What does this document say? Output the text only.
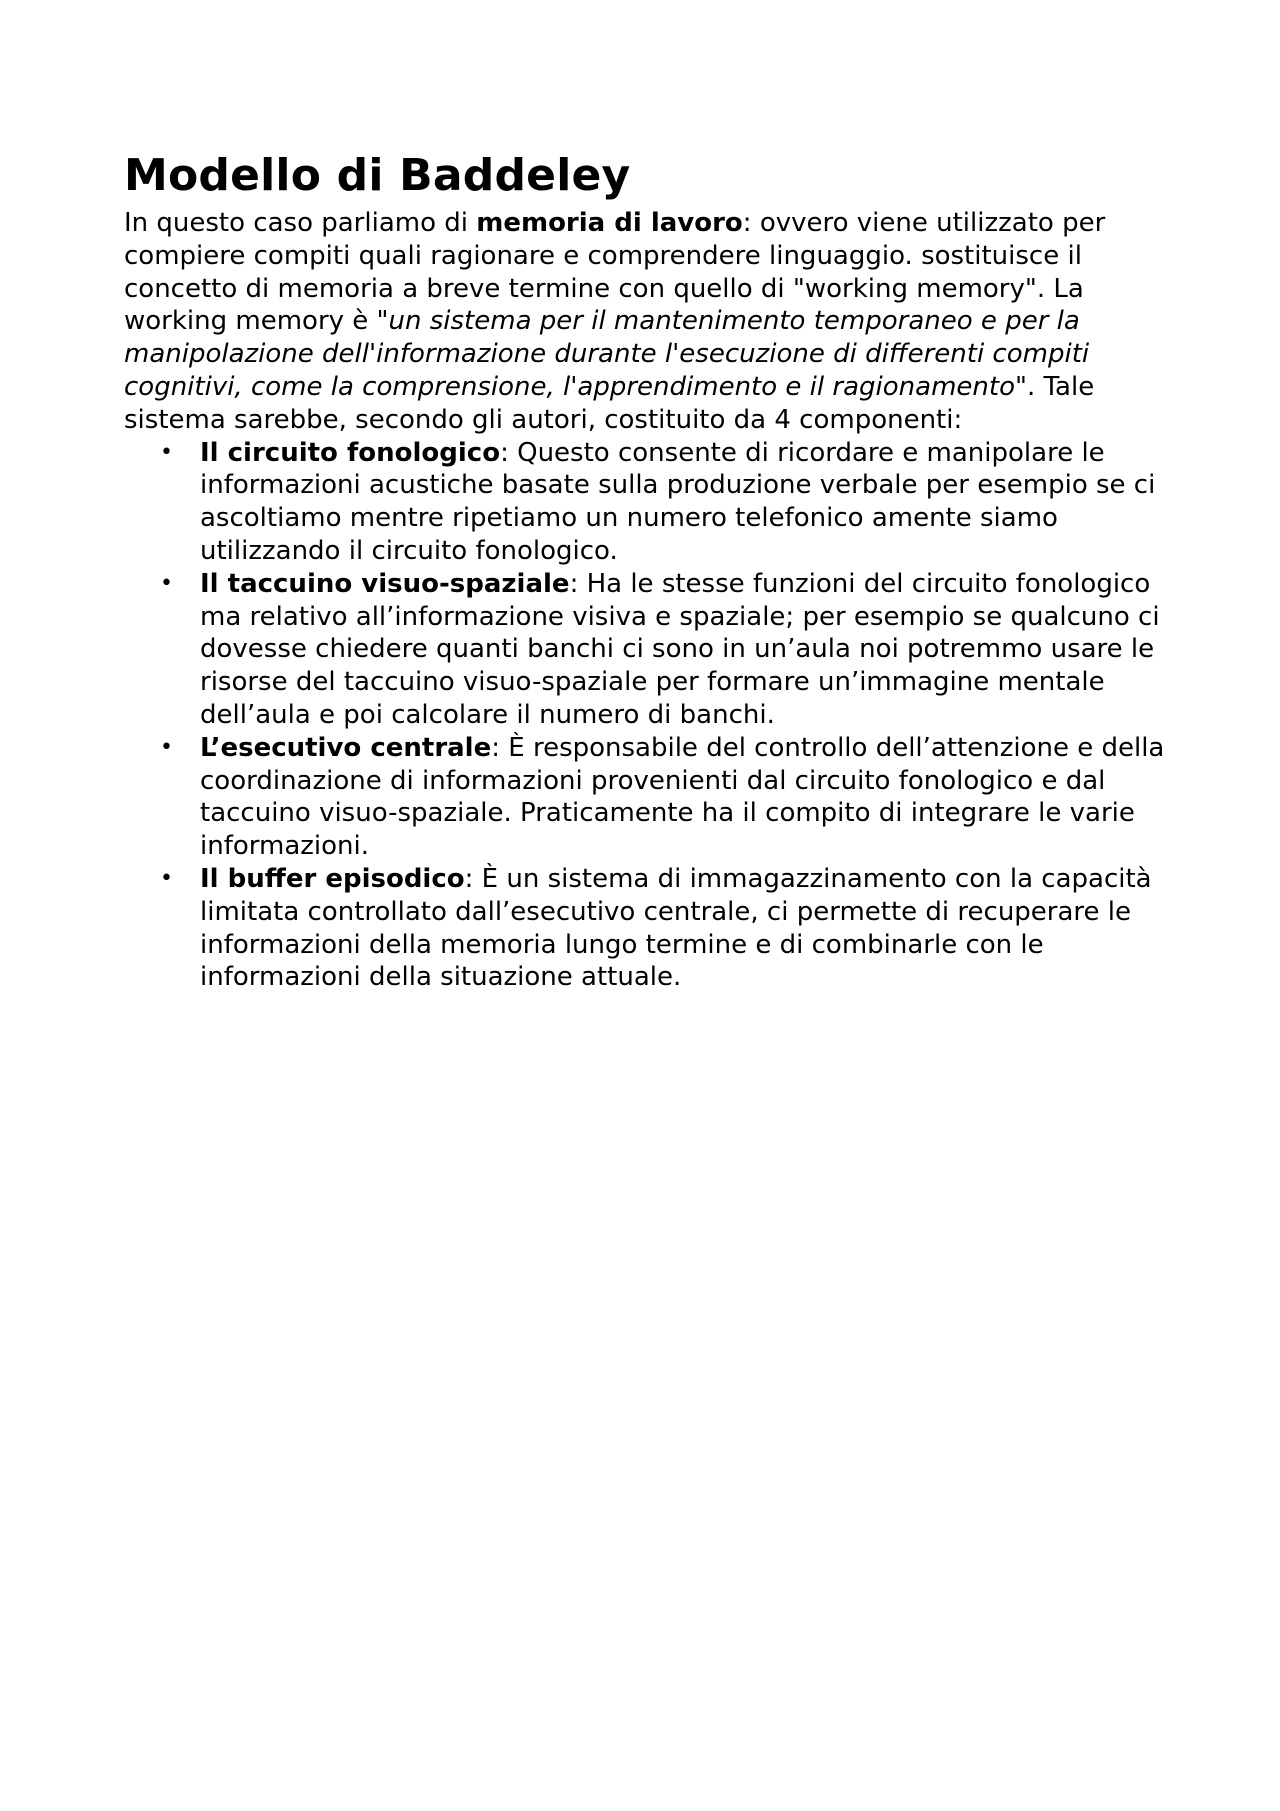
Modello di Baddeley

In questo caso parliamo di memoria di lavoro: ovvero viene utilizzato per compiere compiti quali ragionare e comprendere linguaggio. sostituisce il concetto di memoria a breve termine con quello di "working memory". La working memory è "un sistema per il mantenimento temporaneo e per la manipolazione dell'informazione durante l'esecuzione di differenti compiti cognitivi, come la comprensione, l'apprendimento e il ragionamento". Tale sistema sarebbe, secondo gli autori, costituito da 4 componenti:

• Il circuito fonologico: Questo consente di ricordare e manipolare le informazioni acustiche basate sulla produzione verbale per esempio se ci ascoltiamo mentre ripetiamo un numero telefonico amente siamo utilizzando il circuito fonologico.
• Il taccuino visuo-spaziale: Ha le stesse funzioni del circuito fonologico ma relativo all’informazione visiva e spaziale; per esempio se qualcuno ci dovesse chiedere quanti banchi ci sono in un’aula noi potremmo usare le risorse del taccuino visuo-spaziale per formare un’immagine mentale dell’aula e poi calcolare il numero di banchi.
• L’esecutivo centrale: È responsabile del controllo dell’attenzione e della coordinazione di informazioni provenienti dal circuito fonologico e dal taccuino visuo-spaziale. Praticamente ha il compito di integrare le varie informazioni.
• Il buffer episodico: È un sistema di immagazzinamento con la capacità limitata controllato dall’esecutivo centrale, ci permette di recuperare le informazioni della memoria lungo termine e di combinarle con le informazioni della situazione attuale.
